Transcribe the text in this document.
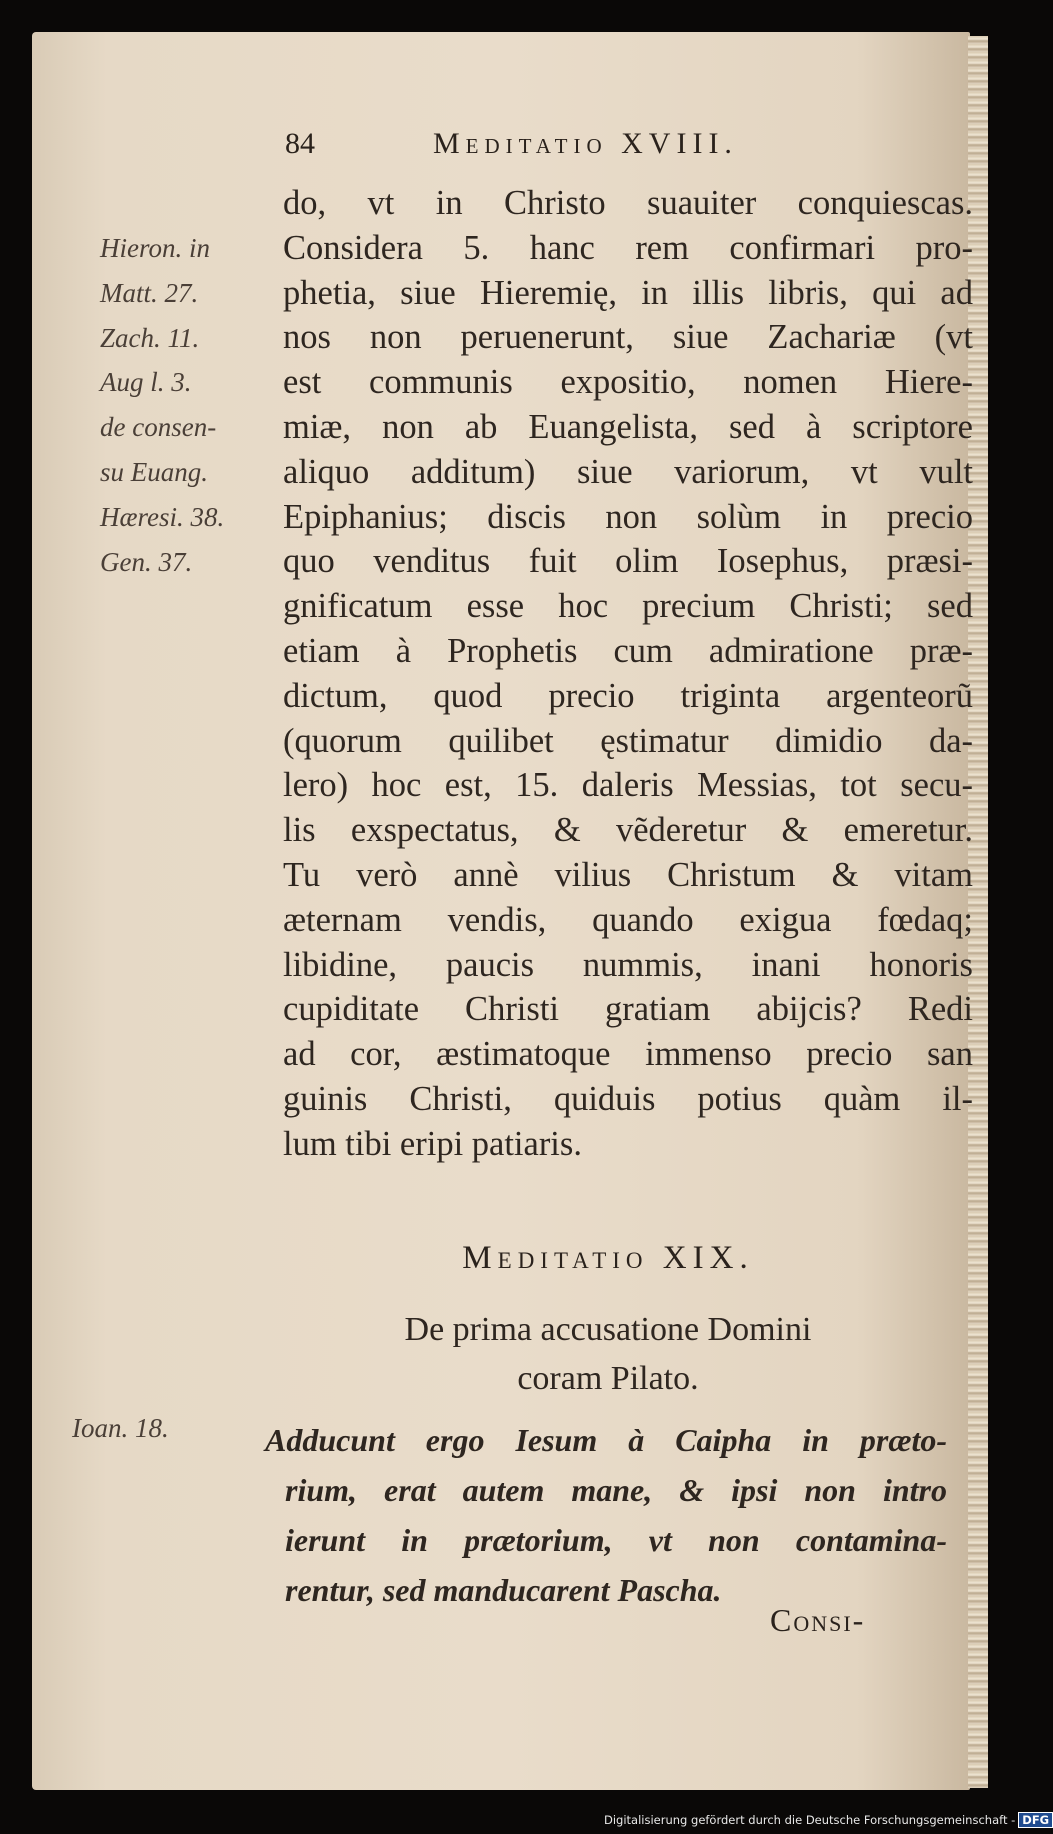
84	Meditatio XVIII.
do, vt in Christo suauiter conquiescas.
Considera 5. hanc rem confirmari pro-
phetia, siue Hieremię, in illis libris, qui ad
nos non peruenerunt, siue Zachariæ (vt
est communis expositio, nomen Hiere-
miæ, non ab Euangelista, sed à scriptore
aliquo additum) siue variorum, vt vult
Epiphanius; discis non solùm in precio
quo venditus fuit olim Iosephus, præsi-
gnificatum esse hoc precium Christi; sed
etiam à Prophetis cum admiratione præ-
dictum, quod precio triginta argenteorũ
(quorum quilibet ęstimatur dimidio da-
lero) hoc est, 15. daleris Messias, tot secu-
lis exspectatus, & vẽderetur & emeretur.
Tu verò annè vilius Christum & vitam
æternam vendis, quando exigua fœdaq;
libidine, paucis nummis, inani honoris
cupiditate Christi gratiam abijcis? Redi
ad cor, æstimatoque immenso precio san
guinis Christi, quiduis potius quàm il-
lum tibi eripi patiaris.
Hieron. in
Matt. 27.
Zach. 11.
Aug l. 3.
de consen-
su Euang.
Hæresi. 38.
Gen. 37.
Meditatio XIX.
De prima accusatione Domini
coram Pilato.
Ioan. 18.	Adducunt ergo Iesum à Caipha in præto-
rium, erat autem mane, & ipsi non intro
ierunt in prætorium, vt non contamina-
rentur, sed manducarent Pascha.
Consi-
Digitalisierung gefördert durch die Deutsche Forschungsgemeinschaft - DFG
